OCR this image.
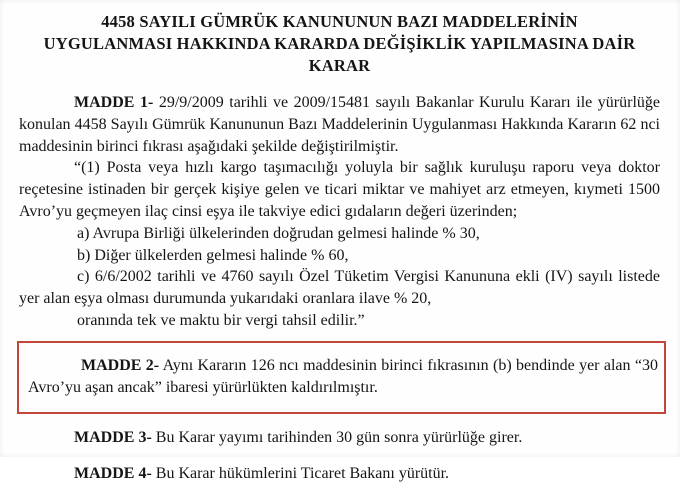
4458 SAYILI GÜMRÜK KANUNUNUN BAZI MADDELERİNİN
UYGULANMASI HAKKINDA KARARDA DEĞİŞİKLİK YAPILMASINA DAİR
KARAR

MADDE 1- 29/9/2009 tarihli ve 2009/15481 sayılı Bakanlar Kurulu Kararı ile yürürlüğe konulan 4458 Sayılı Gümrük Kanununun Bazı Maddelerinin Uygulanması Hakkında Kararın 62 nci maddesinin birinci fıkrası aşağıdaki şekilde değiştirilmiştir.

“(1) Posta veya hızlı kargo taşımacılığı yoluyla bir sağlık kuruluşu raporu veya doktor reçetesine istinaden bir gerçek kişiye gelen ve ticari miktar ve mahiyet arz etmeyen, kıymeti 1500 Avro’yu geçmeyen ilaç cinsi eşya ile takviye edici gıdaların değeri üzerinden;

a) Avrupa Birliği ülkelerinden doğrudan gelmesi halinde % 30,

b) Diğer ülkelerden gelmesi halinde % 60,

c) 6/6/2002 tarihli ve 4760 sayılı Özel Tüketim Vergisi Kanununa ekli (IV) sayılı listede yer alan eşya olması durumunda yukarıdaki oranlara ilave % 20,

oranında tek ve maktu bir vergi tahsil edilir.”

MADDE 2- Aynı Kararın 126 ncı maddesinin birinci fıkrasının (b) bendinde yer alan “30 Avro’yu aşan ancak” ibaresi yürürlükten kaldırılmıştır.

MADDE 3- Bu Karar yayımı tarihinden 30 gün sonra yürürlüğe girer.

MADDE 4- Bu Karar hükümlerini Ticaret Bakanı yürütür.
